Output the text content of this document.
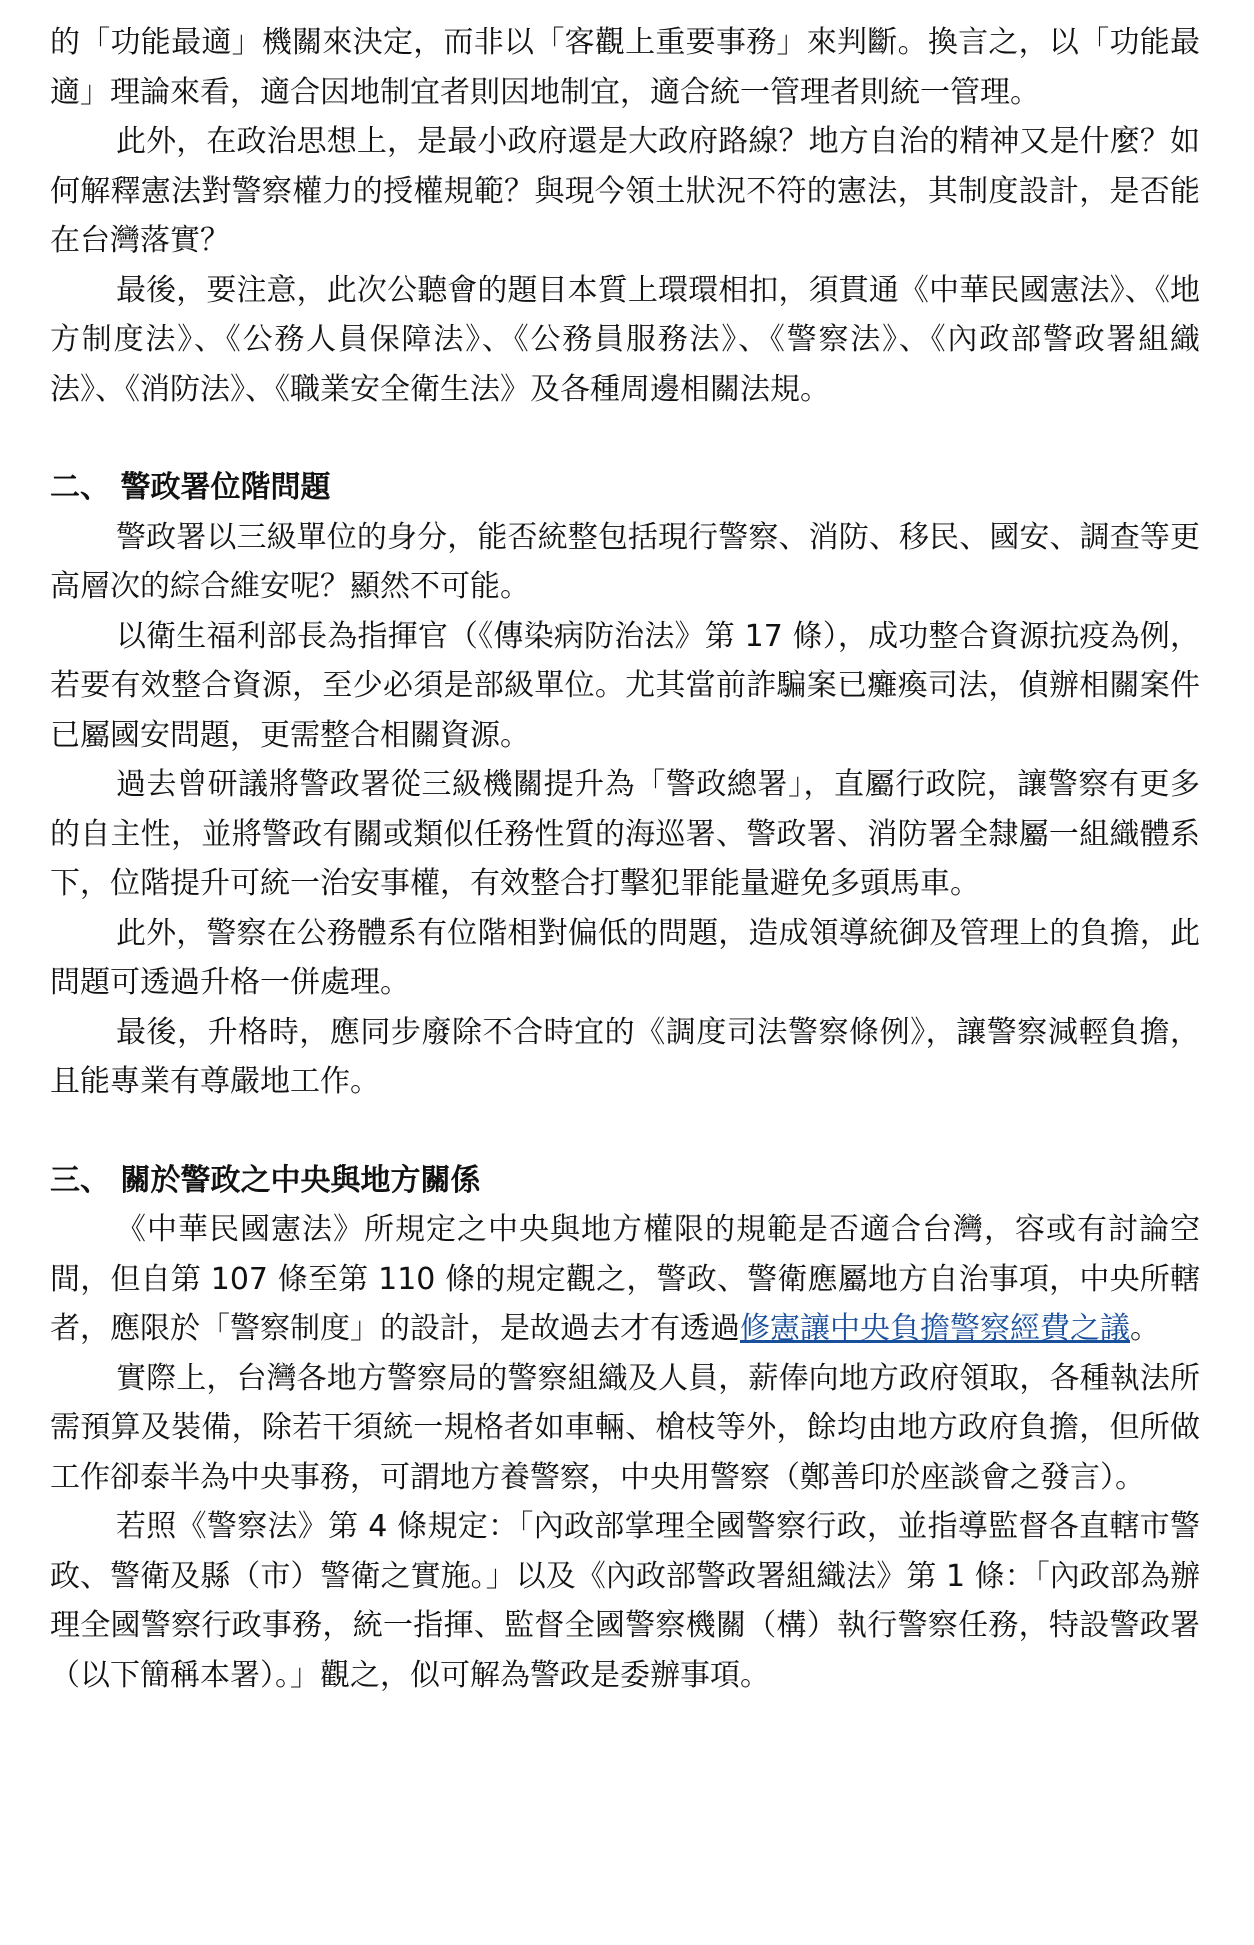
的「功能最適」機關來決定，而非以「客觀上重要事務」來判斷。換言之，以「功能最適」理論來看，適合因地制宜者則因地制宜，適合統一管理者則統一管理。

此外，在政治思想上，是最小政府還是大政府路線？地方自治的精神又是什麼？如何解釋憲法對警察權力的授權規範？與現今領土狀況不符的憲法，其制度設計，是否能在台灣落實？

最後，要注意，此次公聽會的題目本質上環環相扣，須貫通《中華民國憲法》、《地方制度法》、《公務人員保障法》、《公務員服務法》、《警察法》、《內政部警政署組織法》、《消防法》、《職業安全衛生法》及各種周邊相關法規。

二、 警政署位階問題

警政署以三級單位的身分，能否統整包括現行警察、消防、移民、國安、調查等更高層次的綜合維安呢？顯然不可能。

以衛生福利部長為指揮官（《傳染病防治法》第 17 條），成功整合資源抗疫為例，若要有效整合資源，至少必須是部級單位。尤其當前詐騙案已癱瘓司法，偵辦相關案件已屬國安問題，更需整合相關資源。

過去曾研議將警政署從三級機關提升為「警政總署」，直屬行政院，讓警察有更多的自主性，並將警政有關或類似任務性質的海巡署、警政署、消防署全隸屬一組織體系下，位階提升可統一治安事權，有效整合打擊犯罪能量避免多頭馬車。

此外，警察在公務體系有位階相對偏低的問題，造成領導統御及管理上的負擔，此問題可透過升格一併處理。

最後，升格時，應同步廢除不合時宜的《調度司法警察條例》，讓警察減輕負擔，且能專業有尊嚴地工作。

三、 關於警政之中央與地方關係

《中華民國憲法》所規定之中央與地方權限的規範是否適合台灣，容或有討論空間，但自第 107 條至第 110 條的規定觀之，警政、警衛應屬地方自治事項，中央所轄者，應限於「警察制度」的設計，是故過去才有透過修憲讓中央負擔警察經費之議。

實際上，台灣各地方警察局的警察組織及人員，薪俸向地方政府領取，各種執法所需預算及裝備，除若干須統一規格者如車輛、槍枝等外，餘均由地方政府負擔，但所做工作卻泰半為中央事務，可謂地方養警察，中央用警察（鄭善印於座談會之發言）。

若照《警察法》第 4 條規定：「內政部掌理全國警察行政，並指導監督各直轄市警政、警衛及縣（市）警衛之實施。」以及《內政部警政署組織法》第 1 條：「內政部為辦理全國警察行政事務，統一指揮、監督全國警察機關（構）執行警察任務，特設警政署（以下簡稱本署）。」觀之，似可解為警政是委辦事項。
